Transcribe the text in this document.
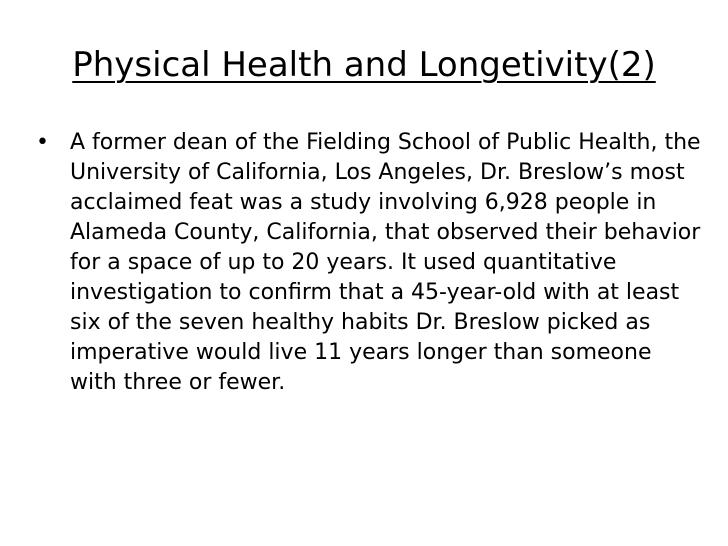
Physical Health and Longetivity(2)
• A former dean of the Fielding School of Public Health, the University of California, Los Angeles, Dr. Breslow’s most acclaimed feat was a study involving 6,928 people in Alameda County, California, that observed their behavior for a space of up to 20 years. It used quantitative investigation to confirm that a 45-year-old with at least six of the seven healthy habits Dr. Breslow picked as imperative would live 11 years longer than someone with three or fewer.
